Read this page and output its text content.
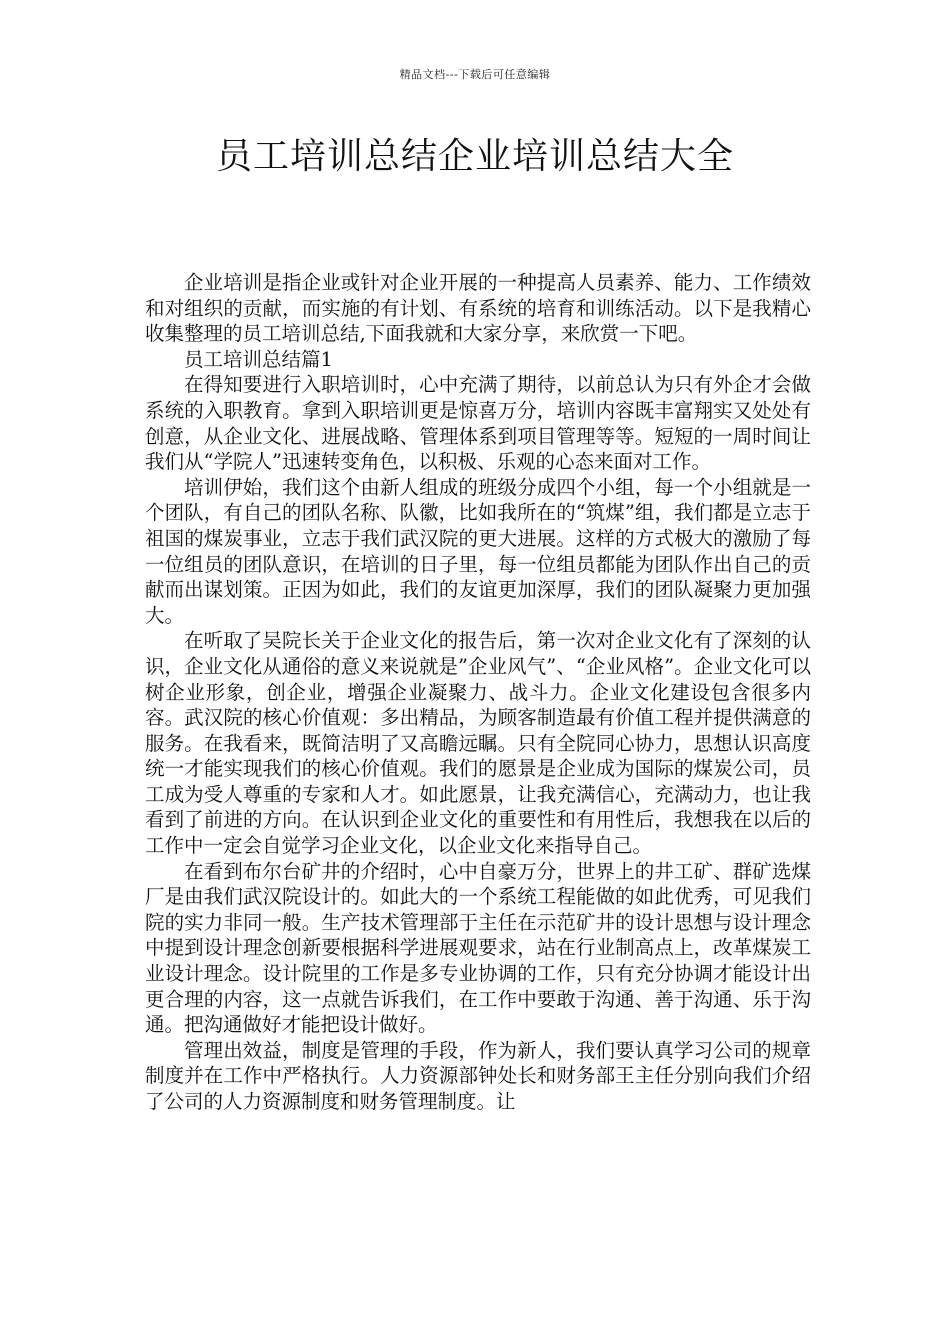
精品文档---下载后可任意编辑
员工培训总结企业培训总结大全

企业培训是指企业或针对企业开展的一种提高人员素养、能力、工作绩效和对组织的贡献，而实施的有计划、有系统的培育和训练活动。以下是我精心收集整理的员工培训总结,下面我就和大家分享，来欣赏一下吧。

员工培训总结篇1

在得知要进行入职培训时，心中充满了期待，以前总认为只有外企才会做系统的入职教育。拿到入职培训更是惊喜万分，培训内容既丰富翔实又处处有创意，从企业文化、进展战略、管理体系到项目管理等等。短短的一周时间让我们从“学院人”迅速转变角色，以积极、乐观的心态来面对工作。

培训伊始，我们这个由新人组成的班级分成四个小组，每一个小组就是一个团队，有自己的团队名称、队徽，比如我所在的“筑煤”组，我们都是立志于祖国的煤炭事业，立志于我们武汉院的更大进展。这样的方式极大的激励了每一位组员的团队意识，在培训的日子里，每一位组员都能为团队作出自己的贡献而出谋划策。正因为如此，我们的友谊更加深厚，我们的团队凝聚力更加强大。

在听取了吴院长关于企业文化的报告后，第一次对企业文化有了深刻的认识，企业文化从通俗的意义来说就是”企业风气”、“企业风格”。企业文化可以树企业形象，创企业，增强企业凝聚力、战斗力。企业文化建设包含很多内容。武汉院的核心价值观：多出精品，为顾客制造最有价值工程并提供满意的服务。在我看来，既简洁明了又高瞻远瞩。只有全院同心协力，思想认识高度统一才能实现我们的核心价值观。我们的愿景是企业成为国际的煤炭公司，员工成为受人尊重的专家和人才。如此愿景，让我充满信心，充满动力，也让我看到了前进的方向。在认识到企业文化的重要性和有用性后，我想我在以后的工作中一定会自觉学习企业文化，以企业文化来指导自己。

在看到布尔台矿井的介绍时，心中自豪万分，世界上的井工矿、群矿选煤厂是由我们武汉院设计的。如此大的一个系统工程能做的如此优秀，可见我们院的实力非同一般。生产技术管理部于主任在示范矿井的设计思想与设计理念中提到设计理念创新要根据科学进展观要求，站在行业制高点上，改革煤炭工业设计理念。设计院里的工作是多专业协调的工作，只有充分协调才能设计出更合理的内容，这一点就告诉我们，在工作中要敢于沟通、善于沟通、乐于沟通。把沟通做好才能把设计做好。

管理出效益，制度是管理的手段，作为新人，我们要认真学习公司的规章制度并在工作中严格执行。人力资源部钟处长和财务部王主任分别向我们介绍了公司的人力资源制度和财务管理制度。让
